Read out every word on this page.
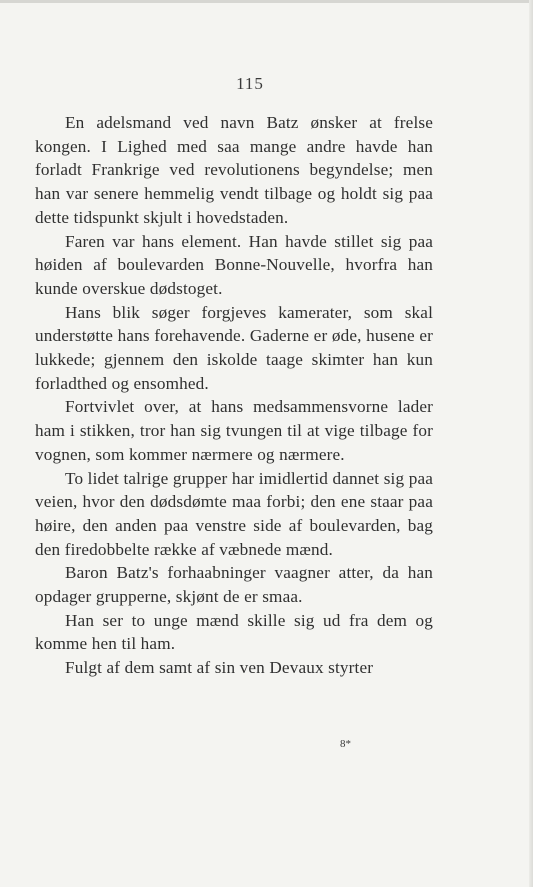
115

En adelsmand ved navn Batz ønsker at frelse kongen. I Lighed med saa mange andre havde han forladt Frankrige ved revolutionens begyndelse; men han var senere hemmelig vendt tilbage og holdt sig paa dette tidspunkt skjult i hovedstaden.

Faren var hans element. Han havde stillet sig paa høiden af boulevarden Bonne-Nouvelle, hvorfra han kunde overskue dødstoget.

Hans blik søger forgjeves kamerater, som skal understøtte hans forehavende. Gaderne er øde, husene er lukkede; gjennem den iskolde taage skimter han kun forladthed og ensomhed.

Fortvivlet over, at hans medsammensvorne lader ham i stikken, tror han sig tvungen til at vige tilbage for vognen, som kommer nærmere og nærmere.

To lidet talrige grupper har imidlertid dannet sig paa veien, hvor den dødsdømte maa forbi; den ene staar paa høire, den anden paa venstre side af boulevarden, bag den firedobbelte række af væbnede mænd.

Baron Batz's forhaabninger vaagner atter, da han opdager grupperne, skjønt de er smaa.

Han ser to unge mænd skille sig ud fra dem og komme hen til ham.

Fulgt af dem samt af sin ven Devaux styrter

8*
